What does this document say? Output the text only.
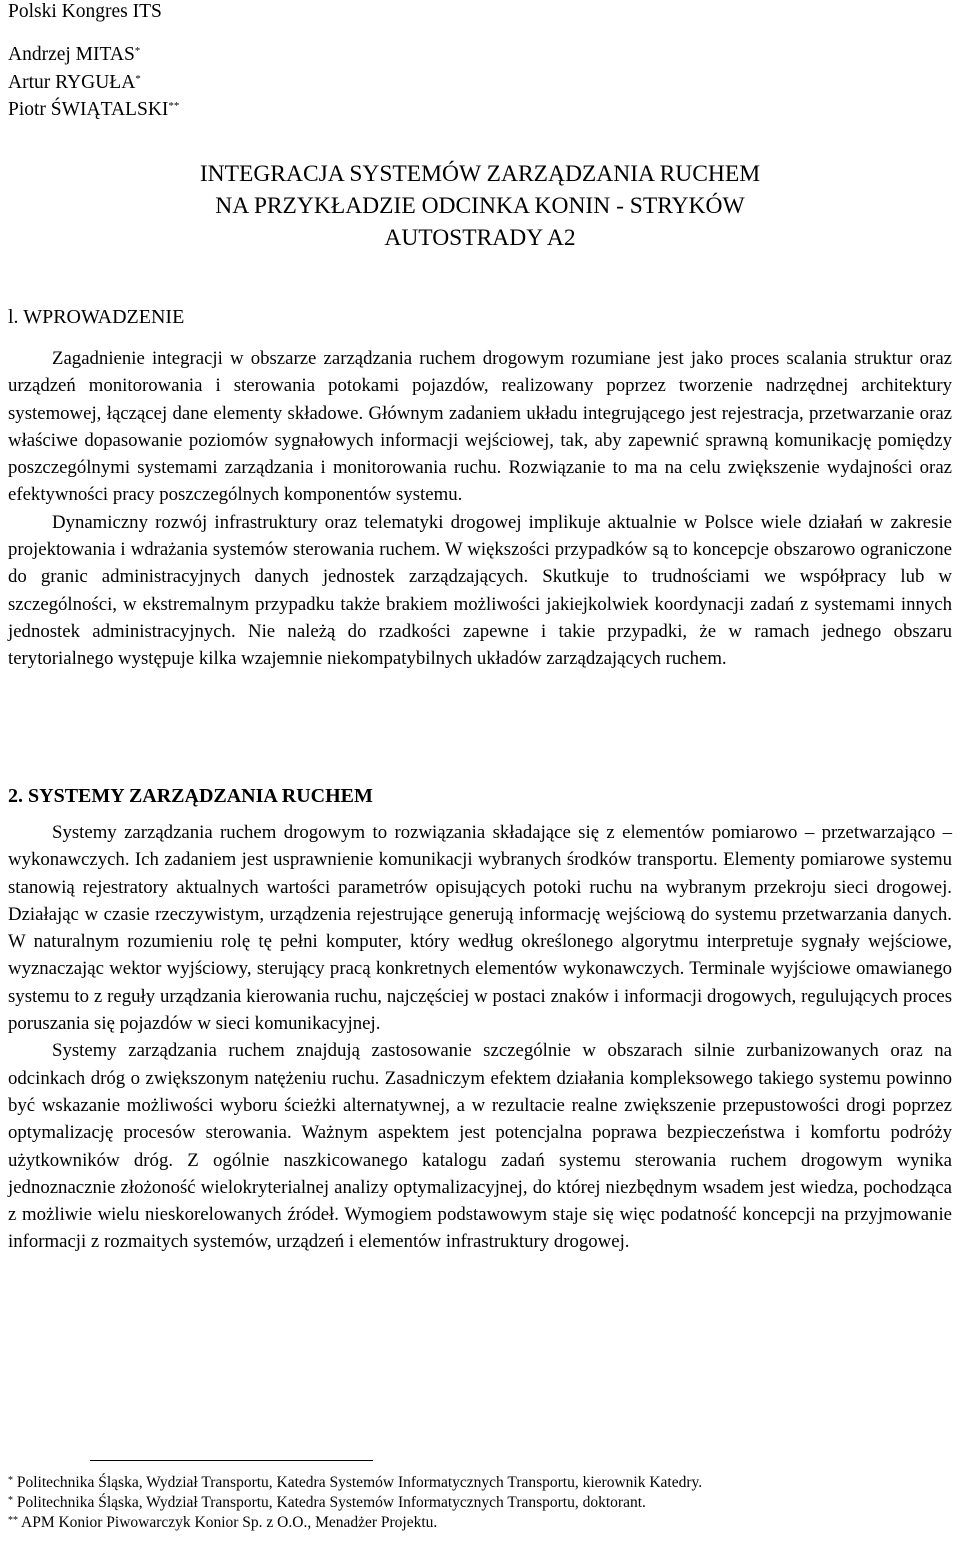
Polski Kongres ITS
Andrzej MITAS*
Artur RYGUŁA*
Piotr ŚWIĄTALSKI**
INTEGRACJA SYSTEMÓW ZARZĄDZANIA RUCHEM
NA PRZYKŁADZIE ODCINKA KONIN - STRYKÓW
AUTOSTRADY A2
l. WPROWADZENIE

Zagadnienie integracji w obszarze zarządzania ruchem drogowym rozumiane jest jako proces scalania struktur oraz urządzeń monitorowania i sterowania potokami pojazdów, realizowany poprzez tworzenie nadrzędnej architektury systemowej, łączącej dane elementy składowe. Głównym zadaniem układu integrującego jest rejestracja, przetwarzanie oraz właściwe dopasowanie poziomów sygnałowych informacji wejściowej, tak, aby zapewnić sprawną komunikację pomiędzy poszczególnymi systemami zarządzania i monitorowania ruchu. Rozwiązanie to ma na celu zwiększenie wydajności oraz efektywności pracy poszczególnych komponentów systemu.

Dynamiczny rozwój infrastruktury oraz telematyki drogowej implikuje aktualnie w Polsce wiele działań w zakresie projektowania i wdrażania systemów sterowania ruchem. W większości przypadków są to koncepcje obszarowo ograniczone do granic administracyjnych danych jednostek zarządzających. Skutkuje to trudnościami we współpracy lub w szczególności, w ekstremalnym przypadku także brakiem możliwości jakiejkolwiek koordynacji zadań z systemami innych jednostek administracyjnych. Nie należą do rzadkości zapewne i takie przypadki, że w ramach jednego obszaru terytorialnego występuje kilka wzajemnie niekompatybilnych układów zarządzających ruchem.

2. SYSTEMY ZARZĄDZANIA RUCHEM

Systemy zarządzania ruchem drogowym to rozwiązania składające się z elementów pomiarowo – przetwarzająco – wykonawczych. Ich zadaniem jest usprawnienie komunikacji wybranych środków transportu. Elementy pomiarowe systemu stanowią rejestratory aktualnych wartości parametrów opisujących potoki ruchu na wybranym przekroju sieci drogowej. Działając w czasie rzeczywistym, urządzenia rejestrujące generują informację wejściową do systemu przetwarzania danych. W naturalnym rozumieniu rolę tę pełni komputer, który według określonego algorytmu interpretuje sygnały wejściowe, wyznaczając wektor wyjściowy, sterujący pracą konkretnych elementów wykonawczych. Terminale wyjściowe omawianego systemu to z reguły urządzania kierowania ruchu, najczęściej w postaci znaków i informacji drogowych, regulujących proces poruszania się pojazdów w sieci komunikacyjnej.

Systemy zarządzania ruchem znajdują zastosowanie szczególnie w obszarach silnie zurbanizowanych oraz na odcinkach dróg o zwiększonym natężeniu ruchu. Zasadniczym efektem działania kompleksowego takiego systemu powinno być wskazanie możliwości wyboru ścieżki alternatywnej, a w rezultacie realne zwiększenie przepustowości drogi poprzez optymalizację procesów sterowania. Ważnym aspektem jest potencjalna poprawa bezpieczeństwa i komfortu podróży użytkowników dróg. Z ogólnie naszkicowanego katalogu zadań systemu sterowania ruchem drogowym wynika jednoznacznie złożoność wielokryterialnej analizy optymalizacyjnej, do której niezbędnym wsadem jest wiedza, pochodząca z możliwie wielu nieskorelowanych źródeł. Wymogiem podstawowym staje się więc podatność koncepcji na przyjmowanie informacji z rozmaitych systemów, urządzeń i elementów infrastruktury drogowej.

* Politechnika Śląska, Wydział Transportu, Katedra Systemów Informatycznych Transportu, kierownik Katedry.
* Politechnika Śląska, Wydział Transportu, Katedra Systemów Informatycznych Transportu, doktorant.
** APM Konior Piwowarczyk Konior Sp. z O.O., Menadżer Projektu.
